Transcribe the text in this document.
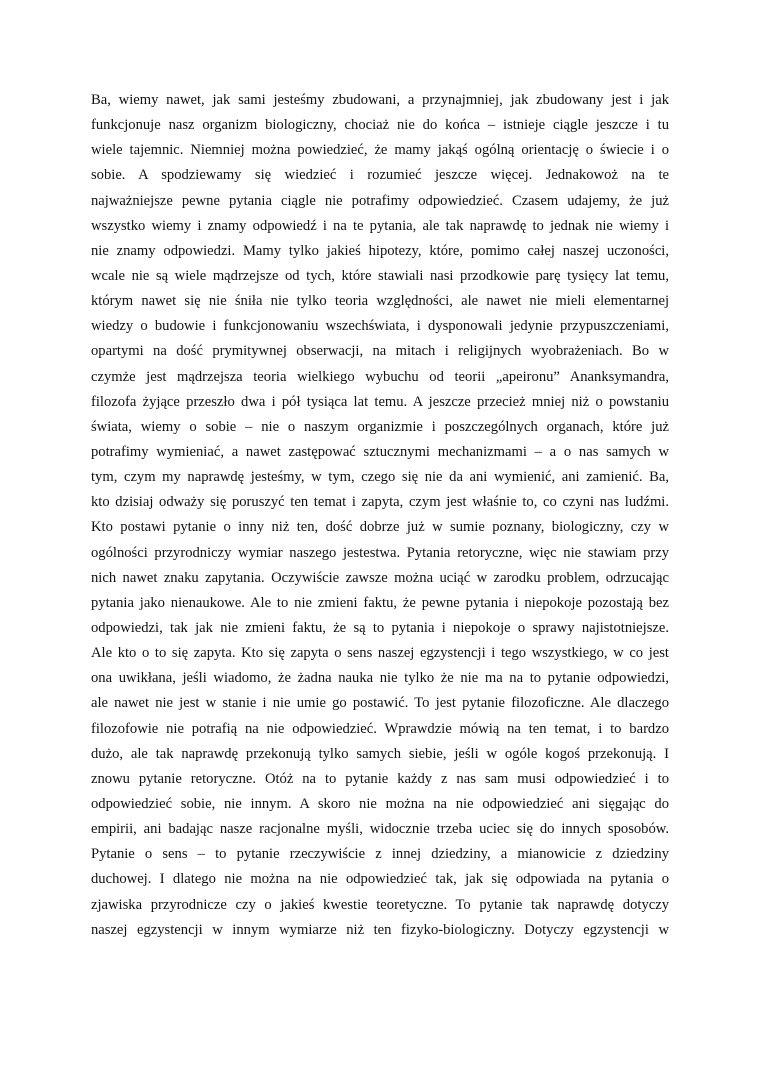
Ba, wiemy nawet, jak sami jesteśmy zbudowani, a przynajmniej, jak zbudowany jest i jak
funkcjonuje nasz organizm biologiczny, chociaż nie do końca – istnieje ciągle jeszcze i tu
wiele tajemnic. Niemniej można powiedzieć, że mamy jakąś ogólną orientację o świecie i o
sobie. A spodziewamy się wiedzieć i rozumieć jeszcze więcej. Jednakowoż na te
najważniejsze pewne pytania ciągle nie potrafimy odpowiedzieć. Czasem udajemy, że już
wszystko wiemy i znamy odpowiedź i na te pytania, ale tak naprawdę to jednak nie wiemy i
nie znamy odpowiedzi. Mamy tylko jakieś hipotezy, które, pomimo całej naszej uczoności,
wcale nie są wiele mądrzejsze od tych, które stawiali nasi przodkowie parę tysięcy lat temu,
którym nawet się nie śniła nie tylko teoria względności, ale nawet nie mieli elementarnej
wiedzy o budowie i funkcjonowaniu wszechświata, i dysponowali jedynie przypuszczeniami,
opartymi na dość prymitywnej obserwacji, na mitach i religijnych wyobrażeniach. Bo w
czymże jest mądrzejsza teoria wielkiego wybuchu od teorii „apeironu” Ananksymandra,
filozofa żyjące przeszło dwa i pół tysiąca lat temu. A jeszcze przecież mniej niż o powstaniu
świata, wiemy o sobie – nie o naszym organizmie i poszczególnych organach, które już
potrafimy wymieniać, a nawet zastępować sztucznymi mechanizmami – a o nas samych w
tym, czym my naprawdę jesteśmy, w tym, czego się nie da ani wymienić, ani zamienić. Ba,
kto dzisiaj odważy się poruszyć ten temat i zapyta, czym jest właśnie to, co czyni nas ludźmi.
Kto postawi pytanie o inny niż ten, dość dobrze już w sumie poznany, biologiczny, czy w
ogólności przyrodniczy wymiar naszego jestestwa. Pytania retoryczne, więc nie stawiam przy
nich nawet znaku zapytania. Oczywiście zawsze można uciąć w zarodku problem, odrzucając
pytania jako nienaukowe. Ale to nie zmieni faktu, że pewne pytania i niepokoje pozostają bez
odpowiedzi, tak jak nie zmieni faktu, że są to pytania i niepokoje o sprawy najistotniejsze.
Ale kto o to się zapyta. Kto się zapyta o sens naszej egzystencji i tego wszystkiego, w co jest
ona uwikłana, jeśli wiadomo, że żadna nauka nie tylko że nie ma na to pytanie odpowiedzi,
ale nawet nie jest w stanie i nie umie go postawić. To jest pytanie filozoficzne. Ale dlaczego
filozofowie nie potrafią na nie odpowiedzieć. Wprawdzie mówią na ten temat, i to bardzo
dużo, ale tak naprawdę przekonują tylko samych siebie, jeśli w ogóle kogoś przekonują. I
znowu pytanie retoryczne. Otóż na to pytanie każdy z nas sam musi odpowiedzieć i to
odpowiedzieć sobie, nie innym. A skoro nie można na nie odpowiedzieć ani sięgając do
empirii, ani badając nasze racjonalne myśli, widocznie trzeba uciec się do innych sposobów.
Pytanie o sens – to pytanie rzeczywiście z innej dziedziny, a mianowicie z dziedziny
duchowej. I dlatego nie można na nie odpowiedzieć tak, jak się odpowiada na pytania o
zjawiska przyrodnicze czy o jakieś kwestie teoretyczne. To pytanie tak naprawdę dotyczy
naszej egzystencji w innym wymiarze niż ten fizyko-biologiczny. Dotyczy egzystencji w
